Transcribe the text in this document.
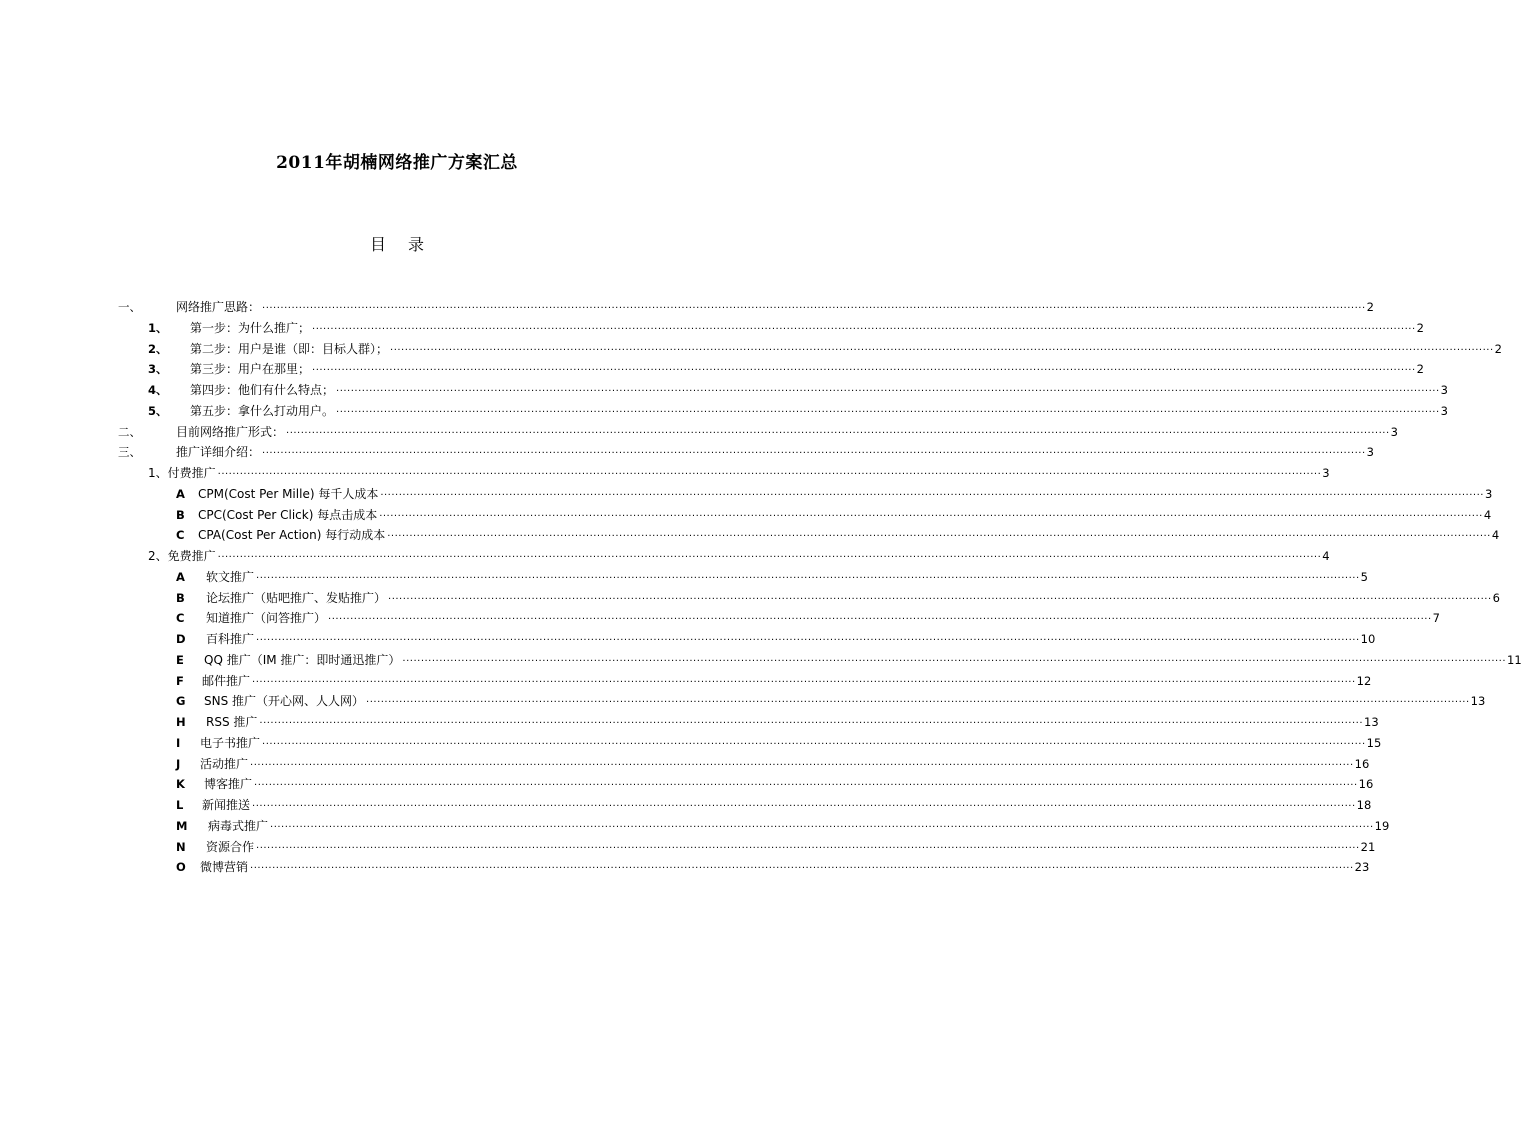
2011年胡楠网络推广方案汇总
目 录
一、	网络推广思路： ············································································································································································································································································································ 2
1、 第一步：为什么推广； ············································································································································································································································································································ 2
2、 第二步：用户是谁（即：目标人群）； ············································································································································································································································································································ 2
3、 第三步：用户在那里； ············································································································································································································································································································ 2
4、 第四步：他们有什么特点； ············································································································································································································································································································ 3
5、 第五步：拿什么打动用户。 ············································································································································································································································································································ 3
二、	目前网络推广形式： ············································································································································································································································································································ 3
三、	推广详细介绍： ············································································································································································································································································································ 3
1、付费推广 ············································································································································································································································································································ 3
A CPM(Cost Per Mille) 每千人成本 ············································································································································································································································································································ 3
B CPC(Cost Per Click) 每点击成本 ············································································································································································································································································································ 4
C CPA(Cost Per Action) 每行动成本 ············································································································································································································································································································ 4
2、免费推广 ············································································································································································································································································································ 4
A 软文推广 ············································································································································································································································································································ 5
B 论坛推广（贴吧推广、发贴推广） ············································································································································································································································································································ 6
C 知道推广（问答推广） ············································································································································································································································································································ 7
D 百科推广 ············································································································································································································································································································ 10
E QQ 推广（IM 推广：即时通迅推广） ············································································································································································································································································································ 11
F 邮件推广 ············································································································································································································································································································ 12
G SNS 推广（开心网、人人网） ············································································································································································································································································································ 13
H RSS 推广 ············································································································································································································································································································ 13
I 电子书推广 ············································································································································································································································································································ 15
J 活动推广 ············································································································································································································································································································ 16
K 博客推广 ············································································································································································································································································································ 16
L 新闻推送 ············································································································································································································································································································ 18
M 病毒式推广 ············································································································································································································································································································ 19
N 资源合作 ············································································································································································································································································································ 21
O 微博营销 ············································································································································································································································································································ 23
